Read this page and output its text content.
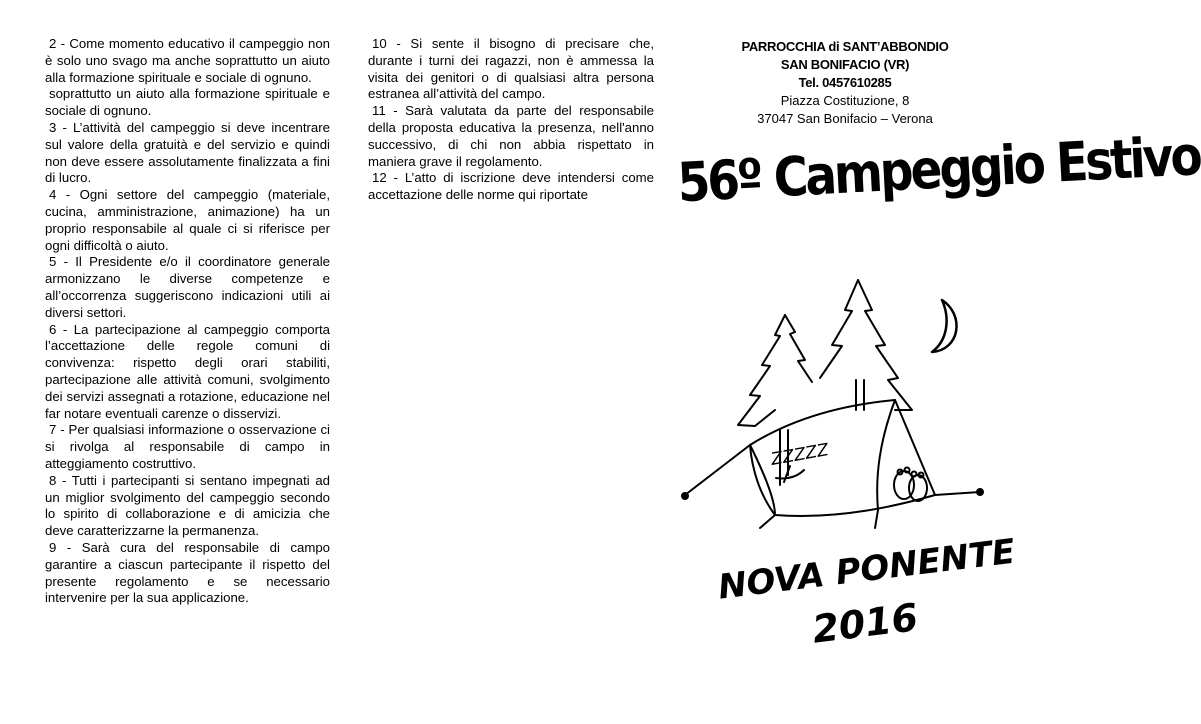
2 - Come momento educativo il campeggio non è solo uno svago ma anche soprattutto un aiuto alla formazione spirituale e sociale di ognuno.

soprattutto un aiuto alla formazione spirituale e sociale di ognuno.

3 - L’attività del campeggio si deve incentrare sul valore della gratuità e del servizio e quindi non deve essere assolutamente finalizzata a fini di lucro.

4 - Ogni settore del campeggio (materiale, cucina, amministrazione, animazione) ha un proprio responsabile al quale ci si riferisce per ogni difficoltà o aiuto.

5 - Il Presidente e/o il coordinatore generale armonizzano le diverse competenze e all’occorrenza suggeriscono indicazioni utili ai diversi settori.

6 - La partecipazione al campeggio comporta l’accettazione delle regole comuni di convivenza: rispetto degli orari stabiliti, partecipazione alle attività comuni, svolgimento dei servizi assegnati a rotazione, educazione nel far notare eventuali carenze o disservizi.

7 - Per qualsiasi informazione o osservazione ci si rivolga al responsabile di campo in atteggiamento costruttivo.

8 - Tutti i partecipanti si sentano impegnati ad un miglior svolgimento del campeggio secondo lo spirito di collaborazione e di amicizia che deve caratterizzarne la permanenza.

9 - Sarà cura del responsabile di campo garantire a ciascun partecipante il rispetto del presente regolamento e se necessario intervenire per la sua applicazione.

10 - Si sente il bisogno di precisare che, durante i turni dei ragazzi, non è ammessa la visita dei genitori o di qualsiasi altra persona estranea all’attività del campo.

11 - Sarà valutata da parte del responsabile della proposta educativa la presenza, nell'anno successivo, di chi non abbia rispettato in maniera grave il regolamento.

12 - L’atto di iscrizione deve intendersi come accettazione delle norme qui riportate

PARROCCHIA di SANT’ABBONDIO
SAN BONIFACIO (VR)
Tel. 0457610285
Piazza Costituzione, 8
37047 San Bonifacio – Verona
56º Campeggio Estivo
ZZZZZ
NOVA PONENTE
2016
